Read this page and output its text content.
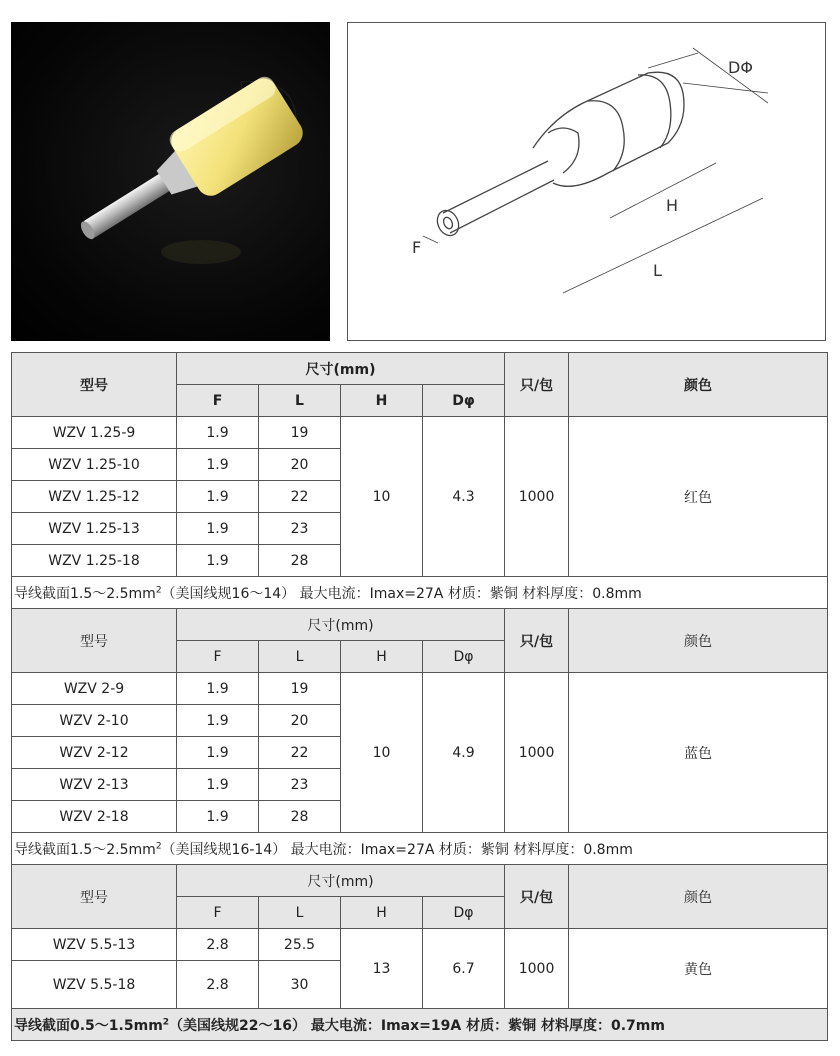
DΦ
H
L
F
型号	尺寸(mm)				只/包	颜色
	F	L	H	Dφ		
WZV 1.25-9	1.9	19	10	4.3	1000	红色
WZV 1.25-10	1.9	20				
WZV 1.25-12	1.9	22				
WZV 1.25-13	1.9	23				
WZV 1.25-18	1.9	28				
导线截面$1.5\sim 2.5mm^2$（美国线规16～14） 最大电流：Imax=27A 材质：紫铜 材料厚度：0.8mm						
型号	尺寸(mm)				只/包	颜色
	F	L	H	Dφ		
WZV 2-9	1.9	19	10	4.9	1000	蓝色
WZV 2-10	1.9	20				
WZV 2-12	1.9	22				
WZV 2-13	1.9	23				
WZV 2-18	1.9	28				
导线截面$1.5\sim 2.5mm^2$（美国线规16-14） 最大电流：Imax=27A 材质：紫铜 材料厚度：0.8mm						
型号	尺寸(mm)				只/包	颜色
	F	L	H	Dφ		
WZV 5.5-13	2.8	25.5	13	6.7	1000	黄色
WZV 5.5-18	2.8	30				
导线截面$0.5\sim 1.5mm^2$（美国线规22～16） 最大电流：Imax=19A 材质：紫铜 材料厚度：0.7mm						
